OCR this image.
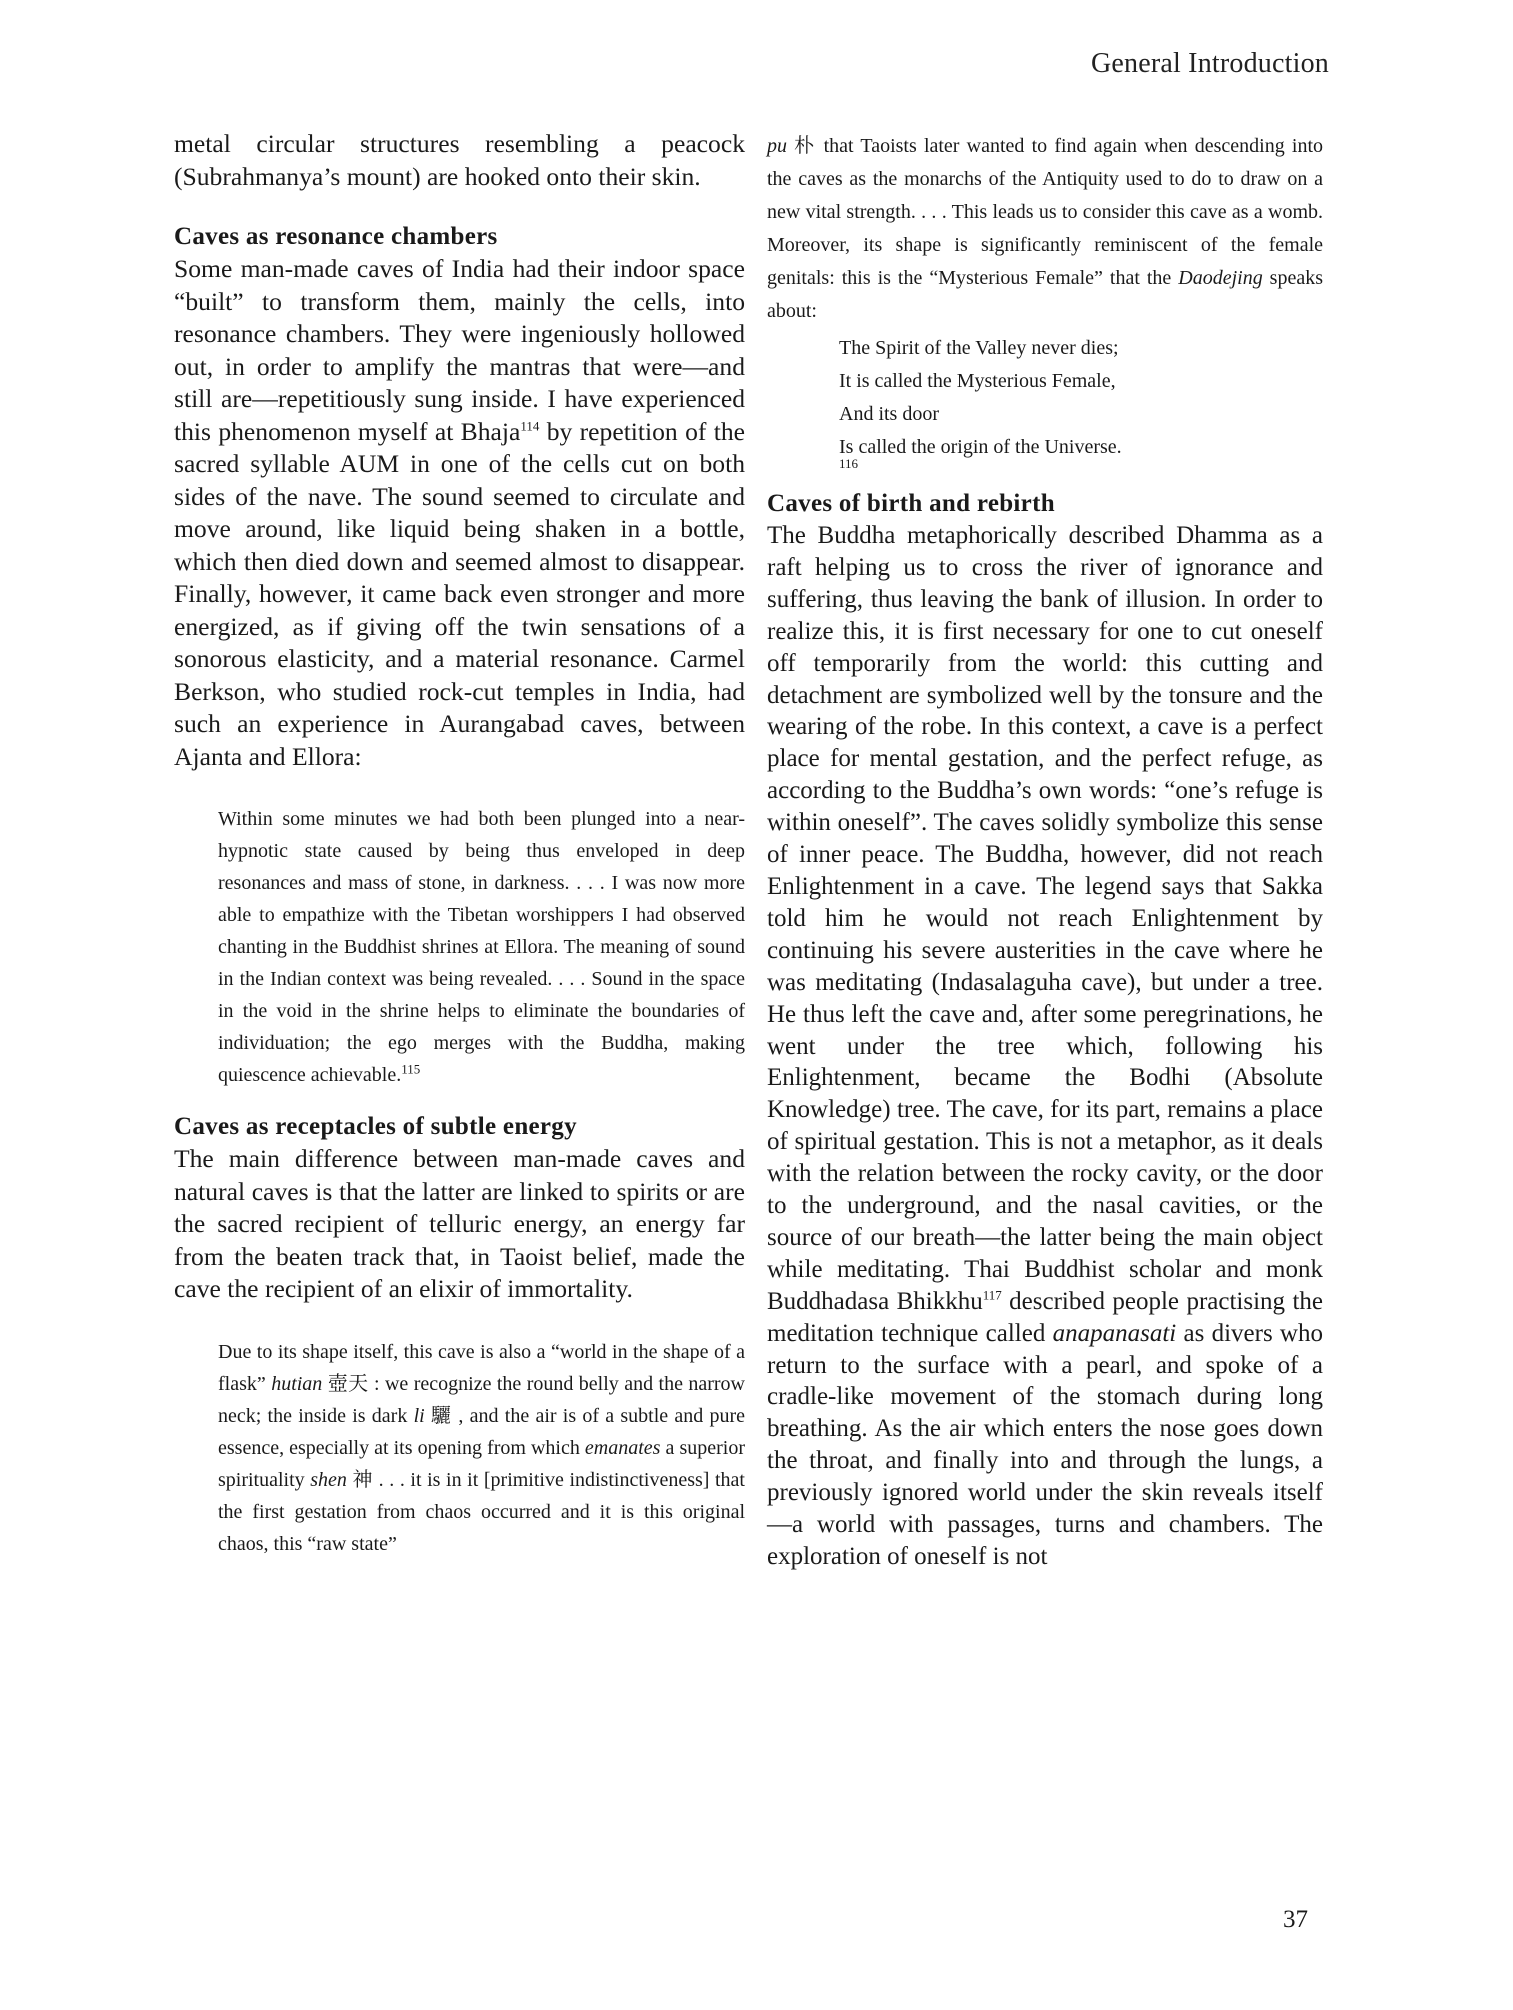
General Introduction

metal circular structures resembling a peacock (Subrahmanya’s mount) are hooked onto their skin.

Caves as resonance chambers

Some man-made caves of India had their indoor space “built” to transform them, mainly the cells, into resonance chambers. They were ingeniously hollowed out, in order to amplify the mantras that were—and still are—repetitiously sung inside. I have experienced this phenomenon myself at Bhaja$^{114}$ by repetition of the sacred syllable AUM in one of the cells cut on both sides of the nave. The sound seemed to circulate and move around, like liquid being shaken in a bottle, which then died down and seemed almost to disappear. Finally, however, it came back even stronger and more energized, as if giving off the twin sensations of a sonorous elasticity, and a material resonance. Carmel Berkson, who studied rock-cut temples in India, had such an experience in Aurangabad caves, between Ajanta and Ellora:

Within some minutes we had both been plunged into a near-hypnotic state caused by being thus enveloped in deep resonances and mass of stone, in darkness. . . . I was now more able to empathize with the Tibetan worshippers I had observed chanting in the Buddhist shrines at Ellora. The meaning of sound in the Indian context was being revealed. . . . Sound in the space in the void in the shrine helps to eliminate the boundaries of individuation; the ego merges with the Buddha, making quiescence achievable.$^{115}$

Caves as receptacles of subtle energy

The main difference between man-made caves and natural caves is that the latter are linked to spirits or are the sacred recipient of telluric energy, an energy far from the beaten track that, in Taoist belief, made the cave the recipient of an elixir of immortality.

Due to its shape itself, this cave is also a “world in the shape of a flask” hutian 壺天 : we recognize the round belly and the narrow neck; the inside is dark li 驪 , and the air is of a subtle and pure essence, especially at its opening from which emanates a superior spirituality shen 神 . . . it is in it [primitive indistinctiveness] that the first gestation from chaos occurred and it is this original chaos, this “raw state”

pu 朴 that Taoists later wanted to find again when descending into the caves as the monarchs of the Antiquity used to do to draw on a new vital strength. . . . This leads us to consider this cave as a womb. Moreover, its shape is significantly reminiscent of the female genitals: this is the “Mysterious Female” that the Daodejing speaks about:

The Spirit of the Valley never dies;
It is called the Mysterious Female,
And its door
Is called the origin of the Universe.
116

Caves of birth and rebirth

The Buddha metaphorically described Dhamma as a raft helping us to cross the river of ignorance and suffering, thus leaving the bank of illusion. In order to realize this, it is first necessary for one to cut oneself off temporarily from the world: this cutting and detachment are symbolized well by the tonsure and the wearing of the robe. In this context, a cave is a perfect place for mental gestation, and the perfect refuge, as according to the Buddha’s own words: “one’s refuge is within oneself”. The caves solidly symbolize this sense of inner peace. The Buddha, however, did not reach Enlightenment in a cave. The legend says that Sakka told him he would not reach Enlightenment by continuing his severe austerities in the cave where he was meditating (Indasalaguha cave), but under a tree. He thus left the cave and, after some peregrinations, he went under the tree which, following his Enlightenment, became the Bodhi (Absolute Knowledge) tree. The cave, for its part, remains a place of spiritual gestation. This is not a metaphor, as it deals with the relation between the rocky cavity, or the door to the underground, and the nasal cavities, or the source of our breath—the latter being the main object while meditating. Thai Buddhist scholar and monk Buddhadasa Bhikkhu$^{117}$ described people practising the meditation technique called anapanasati as divers who return to the surface with a pearl, and spoke of a cradle-like movement of the stomach during long breathing. As the air which enters the nose goes down the throat, and finally into and through the lungs, a previously ignored world under the skin reveals itself—a world with passages, turns and chambers. The exploration of oneself is not

37
